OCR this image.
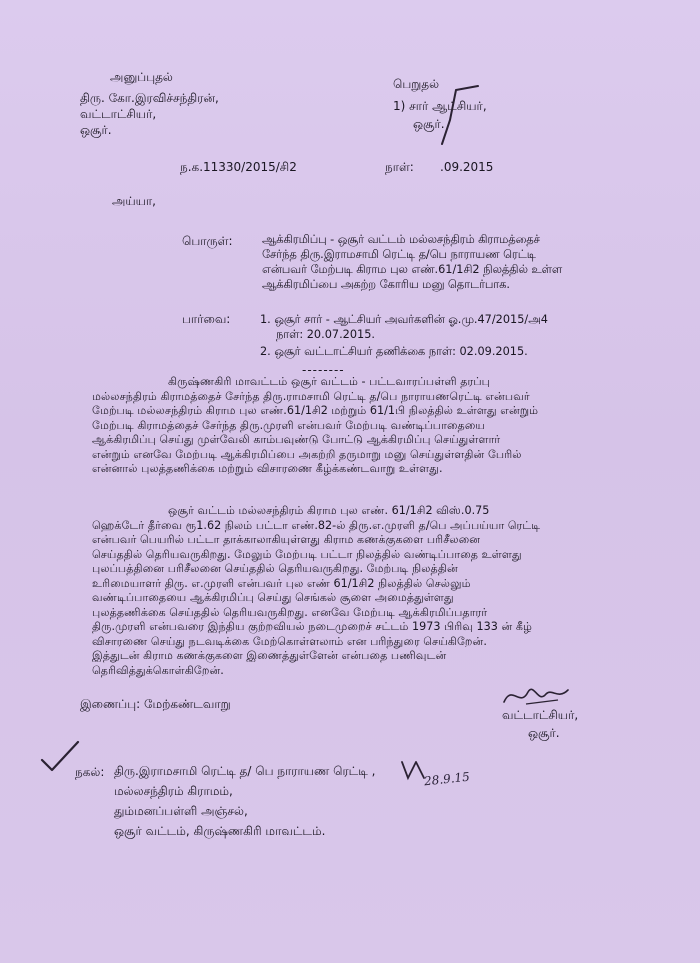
அனுப்புதல்
திரு. கோ.இரவிச்சந்திரன்,
வட்டாட்சியர்,
ஒசூர்.
பெறுதல்
1) சார் ஆட்சியர்,
ஒசூர்.
ந.க.11330/2015/சி2	நாள்: .09.2015
அய்யா,
பொருள்:	ஆக்கிரமிப்பு - ஒசூர் வட்டம் மல்லசந்திரம் கிராமத்தைச்
சேர்ந்த திரு.இராமசாமி ரெட்டி த/பெ நாராயண ரெட்டி
என்பவர் மேற்படி கிராம புல எண்.61/1சி2 நிலத்தில் உள்ள
ஆக்கிரமிப்பை அகற்ற கோரிய மனு தொடர்பாக.
பார்வை:	1. ஒசூர் சார் - ஆட்சியர் அவர்களின் ஓ.மு.47/2015/அ4
நாள்: 20.07.2015.
2. ஒசூர் வட்டாட்சியர் தணிக்கை நாள்: 02.09.2015.
--------
கிருஷ்ணகிரி மாவட்டம் ஒசூர் வட்டம் - பட்டவாரப்பள்ளி தரப்பு
மல்லசந்திரம் கிராமத்தைச் சேர்ந்த திரு.ராமசாமி ரெட்டி த/பெ நாராயணரெட்டி என்பவர்
மேற்படி மல்லசந்திரம் கிராம புல எண்.61/1சி2 மற்றும் 61/1பி நிலத்தில் உள்ளது என்றும்
மேற்படி கிராமத்தைச் சேர்ந்த திரு.முரளி என்பவர் மேற்படி வண்டிப்பாதையை
ஆக்கிரமிப்பு செய்து முள்வேலி காம்பவுண்டு போட்டு ஆக்கிரமிப்பு செய்துள்ளார்
என்றும் எனவே மேற்படி ஆக்கிரமிப்பை அகற்றி தருமாறு மனு செய்துள்ளதின் பேரில்
என்னால் புலத்தணிக்கை மற்றும் விசாரணை கீழ்க்கண்டவாறு உள்ளது.
ஒசூர் வட்டம் மல்லசந்திரம் கிராம புல எண். 61/1சி2 விஸ்.0.75
ஹெக்டேர் தீர்வை ரூ1.62 நிலம் பட்டா எண்.82-ல் திரு.எ.முரளி த/பெ அப்பய்யா ரெட்டி
என்பவர் பெயரில் பட்டா தாக்காலாகியுள்ளது கிராம கணக்குகளை பரிசீலனை
செய்ததில் தெரியவருகிறது. மேலும் மேற்படி பட்டா நிலத்தில் வண்டிப்பாதை உள்ளது
புலப்பத்தினை பரிசீலனை செய்ததில் தெரியவருகிறது. மேற்படி நிலத்தின்
உரிமையாளர் திரு. எ.முரளி என்பவர் புல எண் 61/1சி2 நிலத்தில் செல்லும்
வண்டிப்பாதையை ஆக்கிரமிப்பு செய்து செங்கல் சூளை அமைத்துள்ளது
புலத்தணிக்கை செய்ததில் தெரியவருகிறது. எனவே மேற்படி ஆக்கிரமிப்பதாரர்
திரு.முரளி என்பவரை இந்திய குற்றவியல் நடைமுறைச் சட்டம் 1973 பிரிவு 133 ன் கீழ்
விசாரணை செய்து நடவடிக்கை மேற்கொள்ளலாம் என பரிந்துரை செய்கிறேன்.
இத்துடன் கிராம கணக்குகளை இணைத்துள்ளேன் என்பதை பணிவுடன்
தெரிவித்துக்கொள்கிறேன்.
இணைப்பு: மேற்கண்டவாறு
வட்டாட்சியர்,
ஒசூர்.
நகல்: திரு.இராமசாமி ரெட்டி த/ பெ நாராயண ரெட்டி ,
மல்லசந்திரம் கிராமம்,
தும்மனப்பள்ளி அஞ்சல்,
ஒசூர் வட்டம், கிருஷ்ணகிரி மாவட்டம்.
28.9.15
